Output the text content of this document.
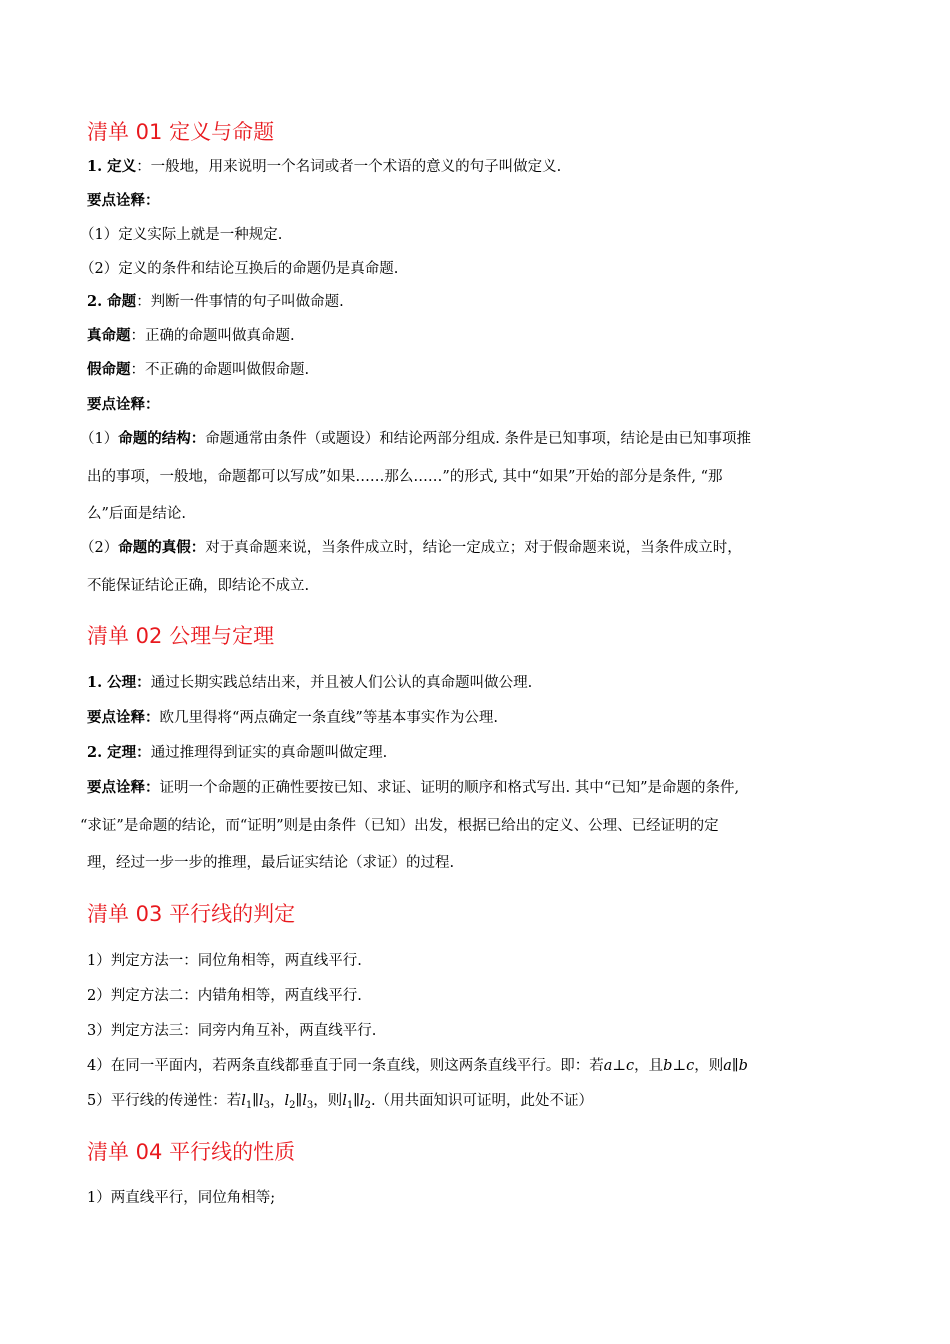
清单 01 定义与命题
1. 定义：一般地，用来说明一个名词或者一个术语的意义的句子叫做定义.
要点诠释：
（1）定义实际上就是一种规定.
（2）定义的条件和结论互换后的命题仍是真命题.
2. 命题：判断一件事情的句子叫做命题.
真命题：正确的命题叫做真命题.
假命题：不正确的命题叫做假命题.
要点诠释：
（1）命题的结构：命题通常由条件（或题设）和结论两部分组成. 条件是已知事项，结论是由已知事项推
出的事项，一般地，命题都可以写成”如果……那么……”的形式, 其中“如果”开始的部分是条件, “那
么”后面是结论.
（2）命题的真假：对于真命题来说，当条件成立时，结论一定成立；对于假命题来说，当条件成立时，
不能保证结论正确，即结论不成立.
清单 02 公理与定理
1. 公理：通过长期实践总结出来，并且被人们公认的真命题叫做公理.
要点诠释：欧几里得将“两点确定一条直线”等基本事实作为公理.
2. 定理：通过推理得到证实的真命题叫做定理.
要点诠释：证明一个命题的正确性要按已知、求证、证明的顺序和格式写出. 其中“已知”是命题的条件,
“求证”是命题的结论，而“证明”则是由条件（已知）出发，根据已给出的定义、公理、已经证明的定
理，经过一步一步的推理，最后证实结论（求证）的过程.
清单 03 平行线的判定
1）判定方法一：同位角相等，两直线平行.
2）判定方法二：内错角相等，两直线平行.
3）判定方法三：同旁内角互补，两直线平行.
4）在同一平面内，若两条直线都垂直于同一条直线，则这两条直线平行。即：若a⊥c，且b⊥c，则a∥b
5）平行线的传递性：若$l_1\parallel l_3$，$l_2\parallel l_3$，则$l_1\parallel l_2$.（用共面知识可证明，此处不证）
清单 04 平行线的性质
1）两直线平行，同位角相等;
